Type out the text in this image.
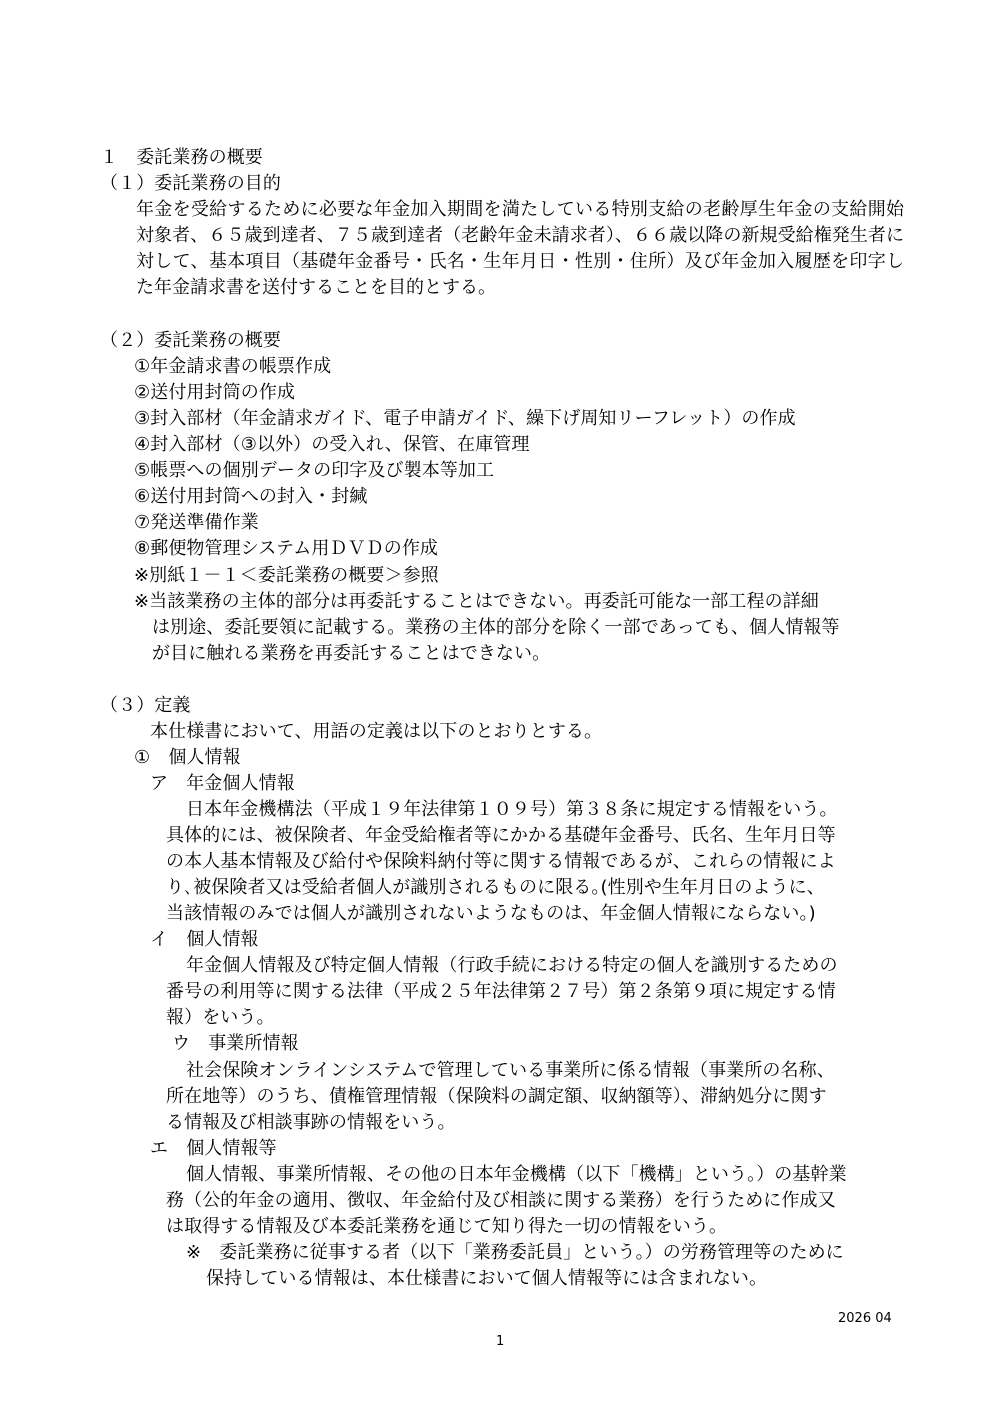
１　委託業務の概要
（１）委託業務の目的
年金を受給するために必要な年金加入期間を満たしている特別支給の老齢厚生年金の支給開始対象者、６５歳到達者、７５歳到達者（老齢年金未請求者）、６６歳以降の新規受給権発生者に対して、基本項目（基礎年金番号・氏名・生年月日・性別・住所）及び年金加入履歴を印字した年金請求書を送付することを目的とする。
（２）委託業務の概要
①年金請求書の帳票作成
②送付用封筒の作成
③封入部材（年金請求ガイド、電子申請ガイド、繰下げ周知リーフレット）の作成
④封入部材（③以外）の受入れ、保管、在庫管理
⑤帳票への個別データの印字及び製本等加工
⑥送付用封筒への封入・封緘
⑦発送準備作業
⑧郵便物管理システム用ＤＶＤの作成
※別紙１－１＜委託業務の概要＞参照
※当該業務の主体的部分は再委託することはできない。再委託可能な一部工程の詳細
は別途、委託要領に記載する。業務の主体的部分を除く一部であっても、個人情報等
が目に触れる業務を再委託することはできない。
（３）定義
本仕様書において、用語の定義は以下のとおりとする。
①　個人情報
ア　年金個人情報
日本年金機構法（平成１９年法律第１０９号）第３８条に規定する情報をいう。
具体的には、被保険者、年金受給権者等にかかる基礎年金番号、氏名、生年月日等
の本人基本情報及び給付や保険料納付等に関する情報であるが、これらの情報によ
り､被保険者又は受給者個人が識別されるものに限る｡(性別や生年月日のように、
当該情報のみでは個人が識別されないようなものは、年金個人情報にならない。)
イ　個人情報
年金個人情報及び特定個人情報（行政手続における特定の個人を識別するための
番号の利用等に関する法律（平成２５年法律第２７号）第２条第９項に規定する情
報）をいう。
ウ　事業所情報
社会保険オンラインシステムで管理している事業所に係る情報（事業所の名称、
所在地等）のうち、債権管理情報（保険料の調定額、収納額等）、滞納処分に関す
る情報及び相談事跡の情報をいう。
エ　個人情報等
個人情報、事業所情報、その他の日本年金機構（以下「機構」という。）の基幹業
務（公的年金の適用、徴収、年金給付及び相談に関する業務）を行うために作成又
は取得する情報及び本委託業務を通じて知り得た一切の情報をいう。
※　委託業務に従事する者（以下「業務委託員」という。）の労務管理等のために
保持している情報は、本仕様書において個人情報等には含まれない。
2026 04
1
